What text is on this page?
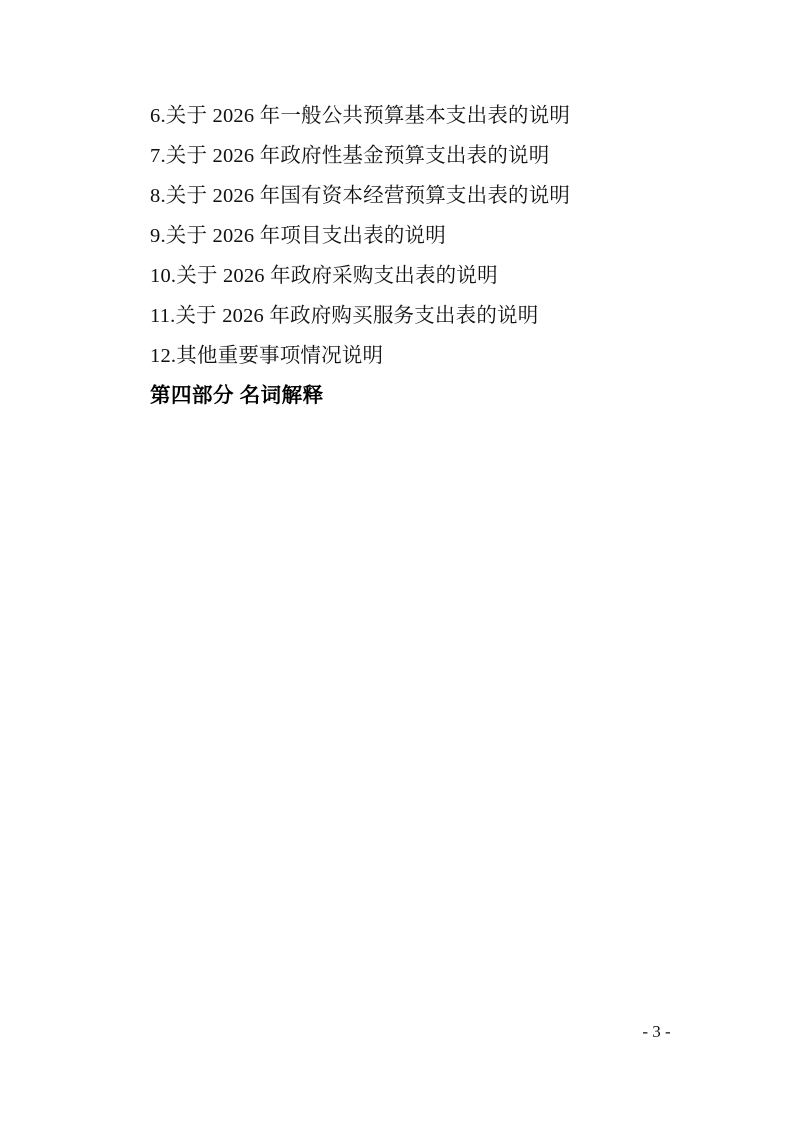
6.关于 2026 年一般公共预算基本支出表的说明
7.关于 2026 年政府性基金预算支出表的说明
8.关于 2026 年国有资本经营预算支出表的说明
9.关于 2026 年项目支出表的说明
10.关于 2026 年政府采购支出表的说明
11.关于 2026 年政府购买服务支出表的说明
12.其他重要事项情况说明
第四部分 名词解释
- 3 -
